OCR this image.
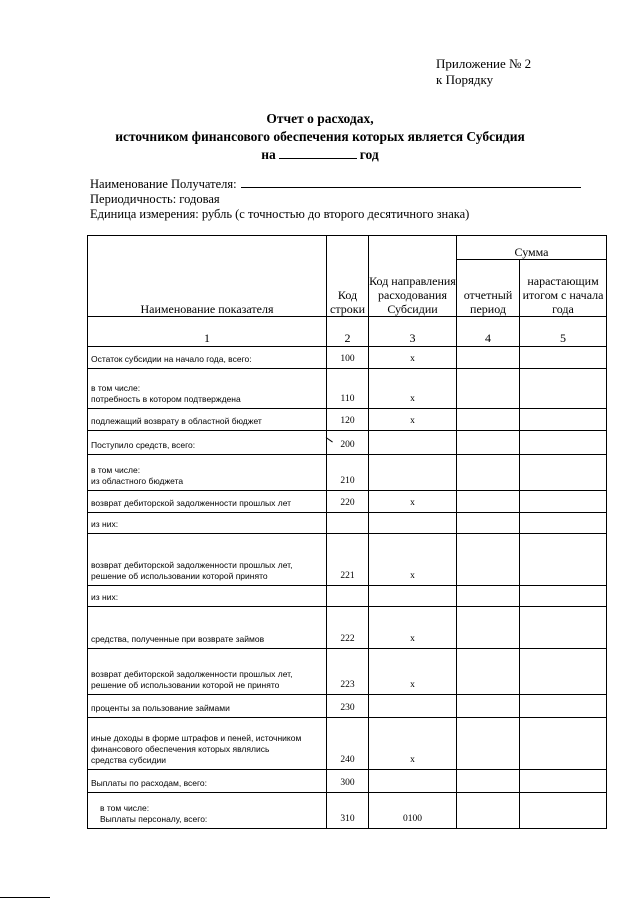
Приложение № 2
к Порядку
Отчет о расходах,
источником финансового обеспечения которых является Субсидия
на	год
Наименование Получателя:
Периодичность: годовая
Единица измерения: рубль (с точностью до второго десятичного знака)
Наименование показателя	Код строки	Код направления расходования Субсидии	Сумма	
			отчетный период	нарастающим итогом с начала года
1	2	3	4	5
Остаток субсидии на начало года, всего:	100	x		
в том числе:
потребность в котором подтверждена	110	x		
подлежащий возврату в областной бюджет	120	x		
Поступило средств, всего:	200			
в том числе:
из областного бюджета	210			
возврат дебиторской задолженности прошлых лет	220	x		
из них:				
возврат дебиторской задолженности прошлых лет, решение об использовании которой принято	221	x		
из них:				
средства, полученные при возврате займов	222	x		
возврат дебиторской задолженности прошлых лет, решение об использовании которой не принято	223	x		
проценты за пользование займами	230			
иные доходы в форме штрафов и пеней, источником финансового обеспечения которых являлись средства субсидии	240	x		
Выплаты по расходам, всего:	300			
в том числе:
Выплаты персоналу, всего:	310	0100		
